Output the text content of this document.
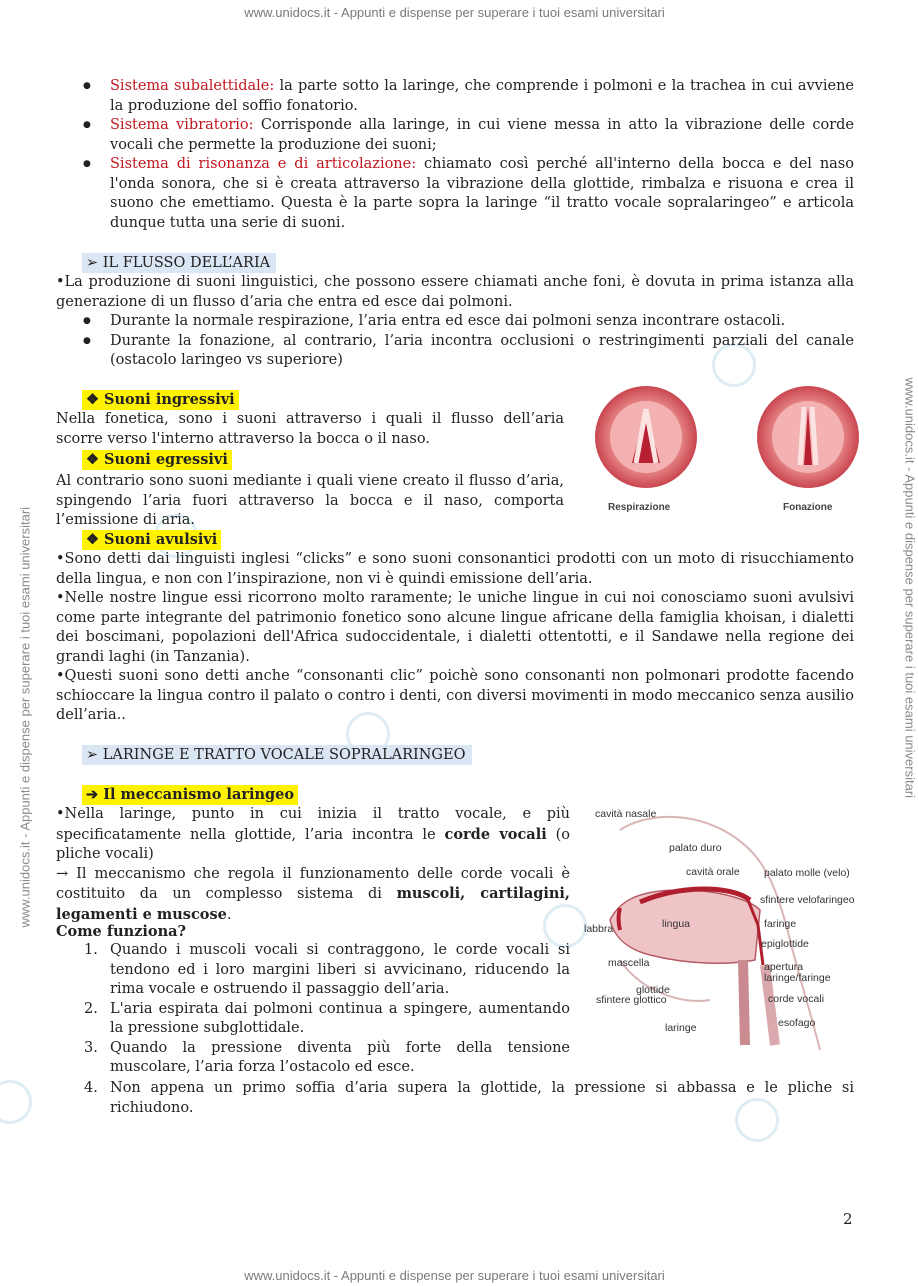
www.unidocs.it - Appunti e dispense per superare i tuoi esami universitari
www.unidocs.it - Appunti e dispense per superare i tuoi esami universitari
www.unidocs.it - Appunti e dispense per superare i tuoi esami universitari	www.unidocs.it - Appunti e dispense per superare i tuoi esami universitari
● Sistema subalettidale: la parte sotto la laringe, che comprende i polmoni e la trachea in cui avviene la produzione del soffio fonatorio.
● Sistema vibratorio: Corrisponde alla laringe, in cui viene messa in atto la vibrazione delle corde vocali che permette la produzione dei suoni;
● Sistema di risonanza e di articolazione: chiamato così perché all'interno della bocca e del naso l'onda sonora, che si è creata attraverso la vibrazione della glottide, rimbalza e risuona e crea il suono che emettiamo. Questa è la parte sopra la laringe “il tratto vocale sopralaringeo” e articola dunque tutta una serie di suoni.
➢ IL FLUSSO DELL’ARIA
•La produzione di suoni linguistici, che possono essere chiamati anche foni, è dovuta in prima istanza alla generazione di un flusso d’aria che entra ed esce dai polmoni.
● Durante la normale respirazione, l’aria entra ed esce dai polmoni senza incontrare ostacoli.
● Durante la fonazione, al contrario, l’aria incontra occlusioni o restringimenti parziali del canale (ostacolo laringeo vs superiore)
❖ Suoni ingressivi
Nella fonetica, sono i suoni attraverso i quali il flusso dell’aria scorre verso l'interno attraverso la bocca o il naso.
❖ Suoni egressivi
Al contrario sono suoni mediante i quali viene creato il flusso d’aria, spingendo l’aria fuori attraverso la bocca e il naso, comporta l’emissione di aria.
Respirazione	Fonazione
❖ Suoni avulsivi
•Sono detti dai linguisti inglesi “clicks” e sono suoni consonantici prodotti con un moto di risucchiamento della lingua, e non con l’inspirazione, non vi è quindi emissione dell’aria.
•Nelle nostre lingue essi ricorrono molto raramente; le uniche lingue in cui noi conosciamo suoni avulsivi come parte integrante del patrimonio fonetico sono alcune lingue africane della famiglia khoisan, i dialetti dei boscimani, popolazioni dell'Africa sudoccidentale, i dialetti ottentotti, e il Sandawe nella regione dei grandi laghi (in Tanzania).
•Questi suoni sono detti anche “consonanti clic” poichè sono consonanti non polmonari prodotte facendo schioccare la lingua contro il palato o contro i denti, con diversi movimenti in modo meccanico senza ausilio dell’aria..
➢ LARINGE E TRATTO VOCALE SOPRALARINGEO
➔ Il meccanismo laringeo
•Nella laringe, punto in cui inizia il tratto vocale, e più specificatamente nella glottide, l’aria incontra le corde vocali (o pliche vocali)
→ Il meccanismo che regola il funzionamento delle corde vocali è costituito da un complesso sistema di muscoli, cartilagini, legamenti e muscose.
Come funziona?
1. Quando i muscoli vocali si contraggono, le corde vocali si tendono ed i loro margini liberi si avvicinano, riducendo la rima vocale e ostruendo il passaggio dell’aria.
2. L'aria espirata dai polmoni continua a spingere, aumentando la pressione subglottidale.
3. Quando la pressione diventa più forte della tensione muscolare, l’aria forza l’ostacolo ed esce.
4. Non appena un primo soffia d’aria supera la glottide, la pressione si abbassa e le pliche si richiudono.
cavità nasale
palato duro
cavità orale palato molle (velo)
sfintere velofaringeo
faringe
epiglottide
labbra	lingua
mascella	apertura
laringe/faringe
glottide
sfintere glottico	corde vocali
esofago
laringe
2
